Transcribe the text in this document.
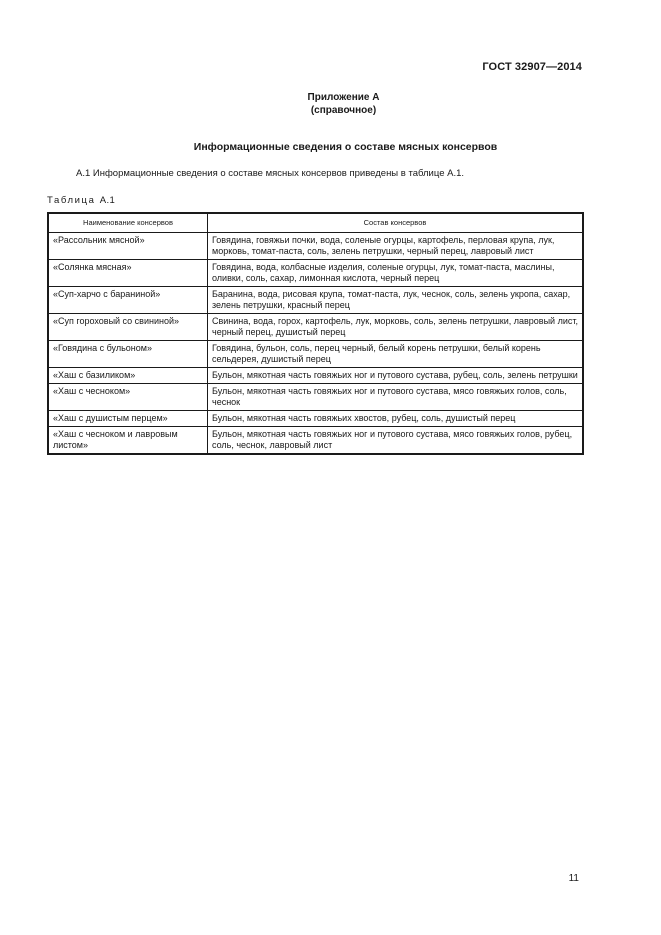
ГОСТ 32907—2014
Приложение А
(справочное)
Информационные сведения о составе мясных консервов
А.1 Информационные сведения о составе мясных консервов приведены в таблице А.1.
Таблица А.1
Наименование консервов	Состав консервов
«Рассольник мясной»	Говядина, говяжьи почки, вода, соленые огурцы, картофель, перловая крупа, лук, морковь, томат-паста, соль, зелень петрушки, черный перец, лавровый лист
«Солянка мясная»	Говядина, вода, колбасные изделия, соленые огурцы, лук, томат-паста, маслины, оливки, соль, сахар, лимонная кислота, черный перец
«Суп-харчо с бараниной»	Баранина, вода, рисовая крупа, томат-паста, лук, чеснок, соль, зелень укропа, сахар, зелень петрушки, красный перец
«Суп гороховый со свининой»	Свинина, вода, горох, картофель, лук, морковь, соль, зелень петрушки, лавровый лист, черный перец, душистый перец
«Говядина с бульоном»	Говядина, бульон, соль, перец черный, белый корень петрушки, белый корень сельдерея, душистый перец
«Хаш с базиликом»	Бульон, мякотная часть говяжьих ног и путового сустава, рубец, соль, зелень петрушки
«Хаш с чесноком»	Бульон, мякотная часть говяжьих ног и путового сустава, мясо говяжьих голов, соль, чеснок
«Хаш с душистым перцем»	Бульон, мякотная часть говяжьих хвостов, рубец, соль, душистый перец
«Хаш с чесноком и лавровым листом»	Бульон, мякотная часть говяжьих ног и путового сустава, мясо говяжьих голов, рубец, соль, чеснок, лавровый лист
11
